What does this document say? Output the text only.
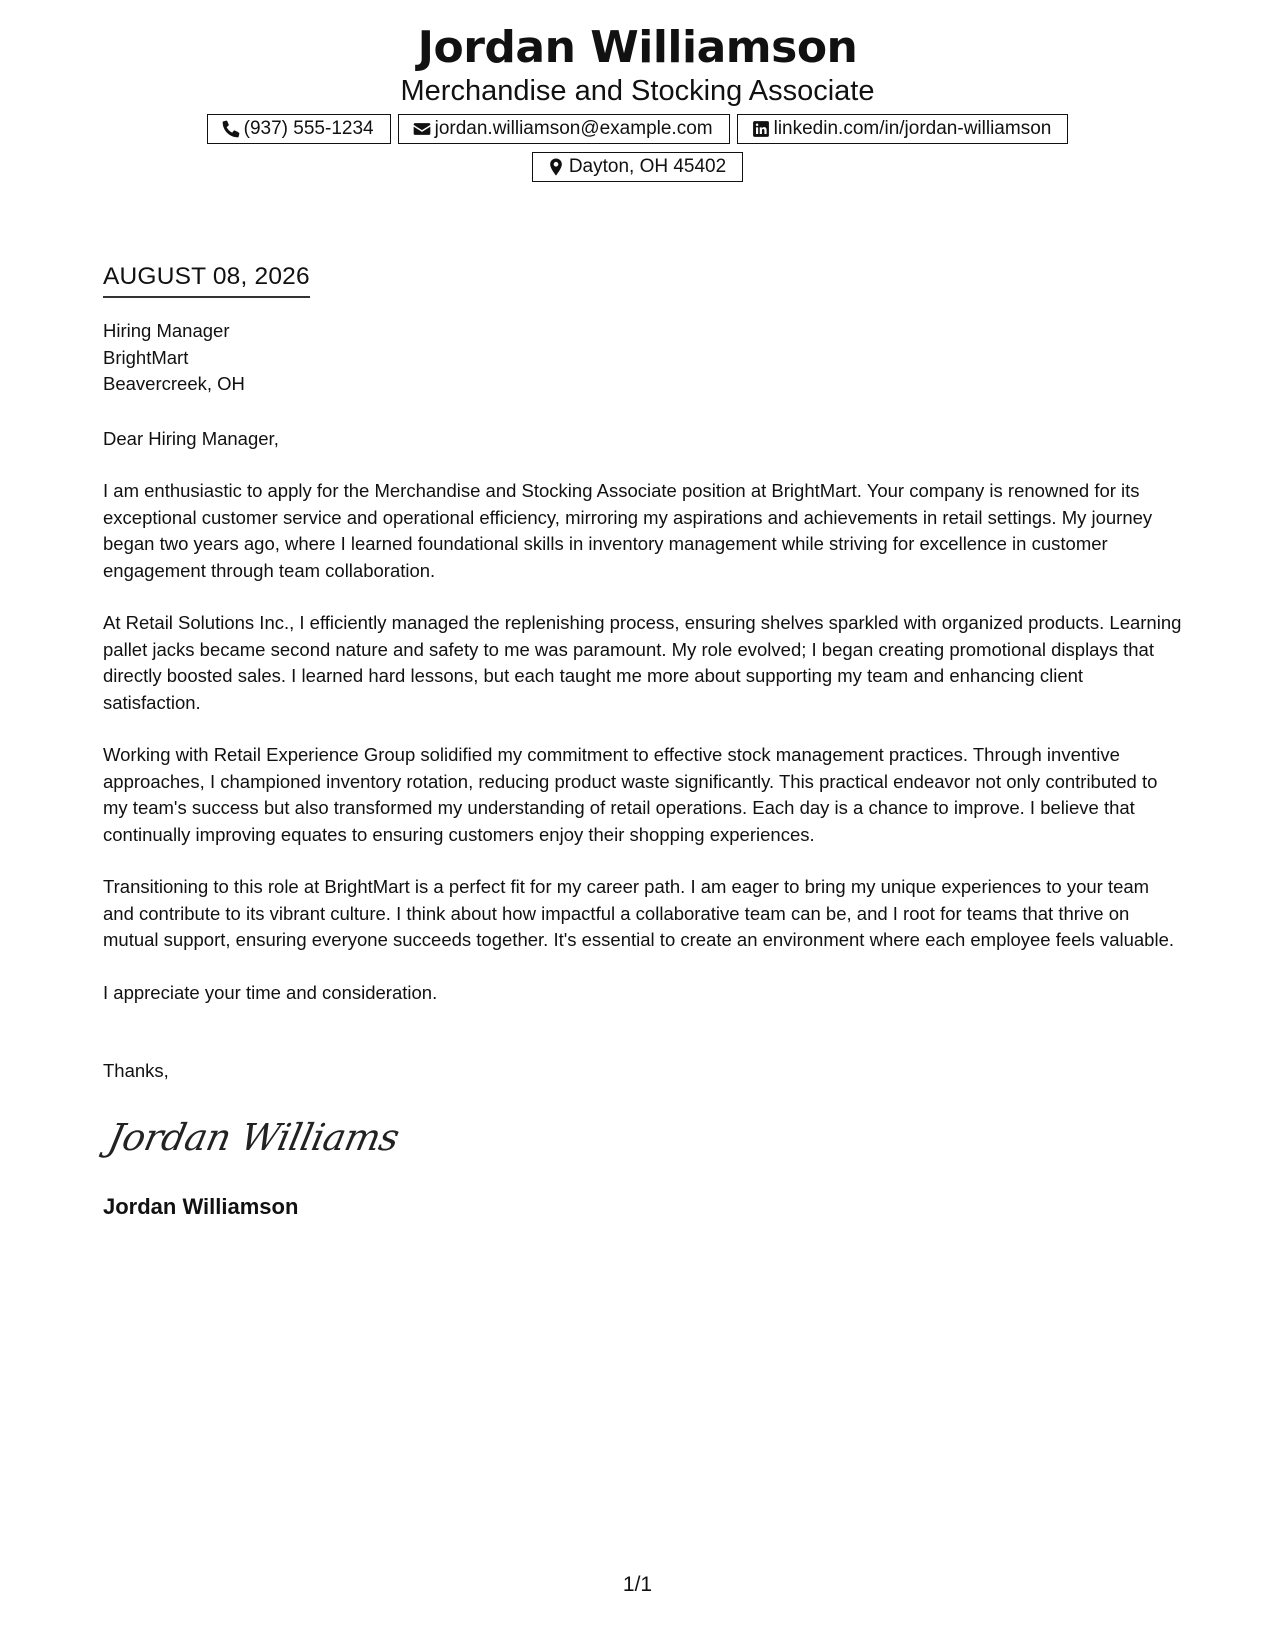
Jordan Williamson
Merchandise and Stocking Associate
(937) 555-1234	jordan.williamson@example.com	linkedin.com/in/jordan-williamson
Dayton, OH 45402
AUGUST 08, 2026
Hiring Manager
BrightMart
Beavercreek, OH
Dear Hiring Manager,

I am enthusiastic to apply for the Merchandise and Stocking Associate position at BrightMart. Your company is renowned for its exceptional customer service and operational efficiency, mirroring my aspirations and achievements in retail settings. My journey began two years ago, where I learned foundational skills in inventory management while striving for excellence in customer engagement through team collaboration.

At Retail Solutions Inc., I efficiently managed the replenishing process, ensuring shelves sparkled with organized products. Learning pallet jacks became second nature and safety to me was paramount. My role evolved; I began creating promotional displays that directly boosted sales. I learned hard lessons, but each taught me more about supporting my team and enhancing client satisfaction.

Working with Retail Experience Group solidified my commitment to effective stock management practices. Through inventive approaches, I championed inventory rotation, reducing product waste significantly. This practical endeavor not only contributed to my team's success but also transformed my understanding of retail operations. Each day is a chance to improve. I believe that continually improving equates to ensuring customers enjoy their shopping experiences.

Transitioning to this role at BrightMart is a perfect fit for my career path. I am eager to bring my unique experiences to your team and contribute to its vibrant culture. I think about how impactful a collaborative team can be, and I root for teams that thrive on mutual support, ensuring everyone succeeds together. It's essential to create an environment where each employee feels valuable.

I appreciate your time and consideration.

Thanks,
Jordan Williams
Jordan Williamson
1/1
